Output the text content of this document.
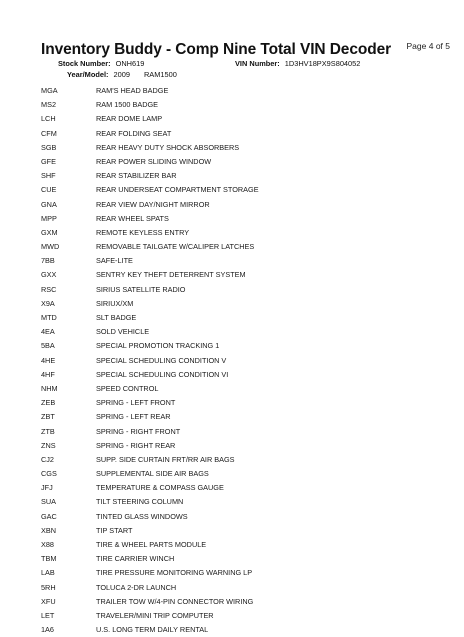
Inventory Buddy - Comp Nine Total VIN Decoder Page 4 of 5
Stock Number: ONH619	VIN Number: 1D3HV18PX9S804052
Year/Model: 2009 RAM1500
MGA	RAM'S HEAD BADGE
MS2	RAM 1500 BADGE
LCH	REAR DOME LAMP
CFM	REAR FOLDING SEAT
SGB	REAR HEAVY DUTY SHOCK ABSORBERS
GFE	REAR POWER SLIDING WINDOW
SHF	REAR STABILIZER BAR
CUE	REAR UNDERSEAT COMPARTMENT STORAGE
GNA	REAR VIEW DAY/NIGHT MIRROR
MPP	REAR WHEEL SPATS
GXM	REMOTE KEYLESS ENTRY
MWD	REMOVABLE TAILGATE W/CALIPER LATCHES
7BB	SAFE-LITE
GXX	SENTRY KEY THEFT DETERRENT SYSTEM
RSC	SIRIUS SATELLITE RADIO
X9A	SIRIUX/XM
MTD	SLT BADGE
4EA	SOLD VEHICLE
5BA	SPECIAL PROMOTION TRACKING 1
4HE	SPECIAL SCHEDULING CONDITION V
4HF	SPECIAL SCHEDULING CONDITION VI
NHM	SPEED CONTROL
ZEB	SPRING - LEFT FRONT
ZBT	SPRING - LEFT REAR
ZTB	SPRING - RIGHT FRONT
ZNS	SPRING - RIGHT REAR
CJ2	SUPP. SIDE CURTAIN FRT/RR AIR BAGS
CGS	SUPPLEMENTAL SIDE AIR BAGS
JFJ	TEMPERATURE & COMPASS GAUGE
SUA	TILT STEERING COLUMN
GAC	TINTED GLASS WINDOWS
XBN	TIP START
X88	TIRE & WHEEL PARTS MODULE
TBM	TIRE CARRIER WINCH
LAB	TIRE PRESSURE MONITORING WARNING LP
5RH	TOLUCA 2-DR LAUNCH
XFU	TRAILER TOW W/4-PIN CONNECTOR WIRING
LET	TRAVELER/MINI TRIP COMPUTER
1A6	U.S. LONG TERM DAILY RENTAL
